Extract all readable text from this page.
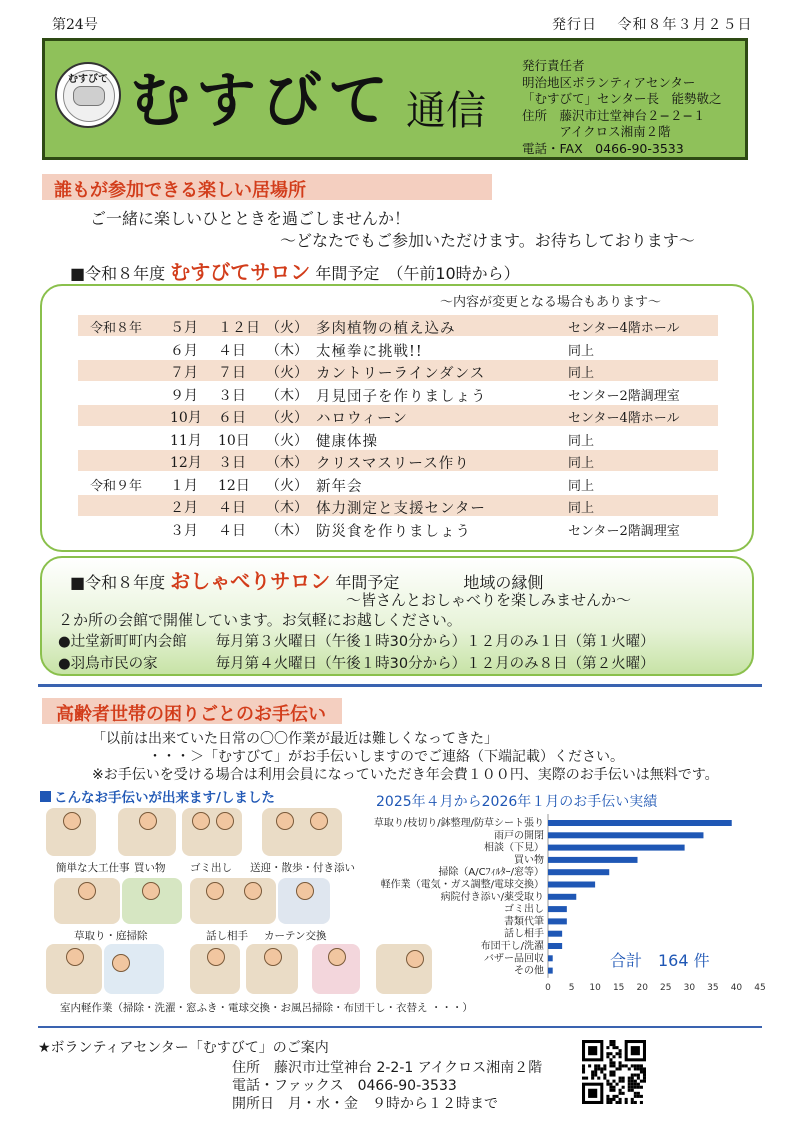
第24号	発行日　 令和８年３月２５日
むすびて むすびて 通信
発行責任者
明治地区ボランティアセンター
「むすびて」センター長　能勢敬之
住所　藤沢市辻堂神台２−２−１
　　　アイクロス湘南２階
電話・FAX　0466-90-3533
誰もが参加できる楽しい居場所
ご一緒に楽しいひとときを過ごしませんか！
～どなたでもご参加いただけます。お待ちしております～
■令和８年度 むすびてサロン 年間予定　（午前10時から）
～内容が変更となる場合もあります～
令和８年 ５月 １２日 （火） 多肉植物の植え込み	センター4階ホール
６月 ４日 （木） 太極拳に挑戦!!	同上
７月 ７日 （火） カントリーラインダンス	同上
９月 ３日 （木） 月見団子を作りましょう	センター2階調理室
10月 ６日 （火） ハロウィーン	センター4階ホール
11月 10日 （火） 健康体操	同上
12月 ３日 （木） クリスマスリース作り	同上
令和９年 １月 12日 （火） 新年会	同上
２月 ４日 （木） 体力測定と支援センター	同上
３月 ４日 （木） 防災食を作りましょう	センター2階調理室
■令和８年度 おしゃべりサロン 年間予定　　　　地域の縁側
～皆さんとおしゃべりを楽しみませんか～
２か所の会館で開催しています。お気軽にお越しください。
●辻堂新町町内会館　　毎月第３火曜日（午後１時30分から）１２月のみ１日（第１火曜）
●羽鳥市民の家　　　　毎月第４火曜日（午後１時30分から）１２月のみ８日（第２火曜）
高齢者世帯の困りごとのお手伝い
「以前は出来ていた日常の〇〇作業が最近は難しくなってきた」
・・・＞「むすびて」がお手伝いしますのでご連絡（下端記載）ください。
※お手伝いを受ける場合は利用会員になっていただき年会費１００円、実際のお手伝いは無料です。
こんなお手伝いが出来ます/しました
簡単な大工仕事 買い物 ゴミ出し 送迎・散歩・付き添い
草取り・庭掃除	話し相手 カーテン交換
室内軽作業（掃除・洗濯・窓ふき・電球交換・お風呂掃除・布団干し・衣替え ・・・）
2025年４月から2026年１月のお手伝い実績
草取り/枝切り/鉢整理/防草シート張り
雨戸の開閉
相談（下見）
買い物
掃除（A/Cﾌｨﾙﾀｰ/窓等）
軽作業（電気・ガス調整/電球交換）
病院付き添い/薬受取り
ゴミ出し
書類代筆
話し相手
布団干し/洗濯
バザー品回収
その他
0 5 10 15 20 25 30 35 40 45
合計　164 件
★ボランティアセンター「むすびて」のご案内
住所　藤沢市辻堂神台 2-2-1 アイクロス湘南２階
電話・ファックス　0466-90-3533
開所日　月・水・金　９時から１２時まで
